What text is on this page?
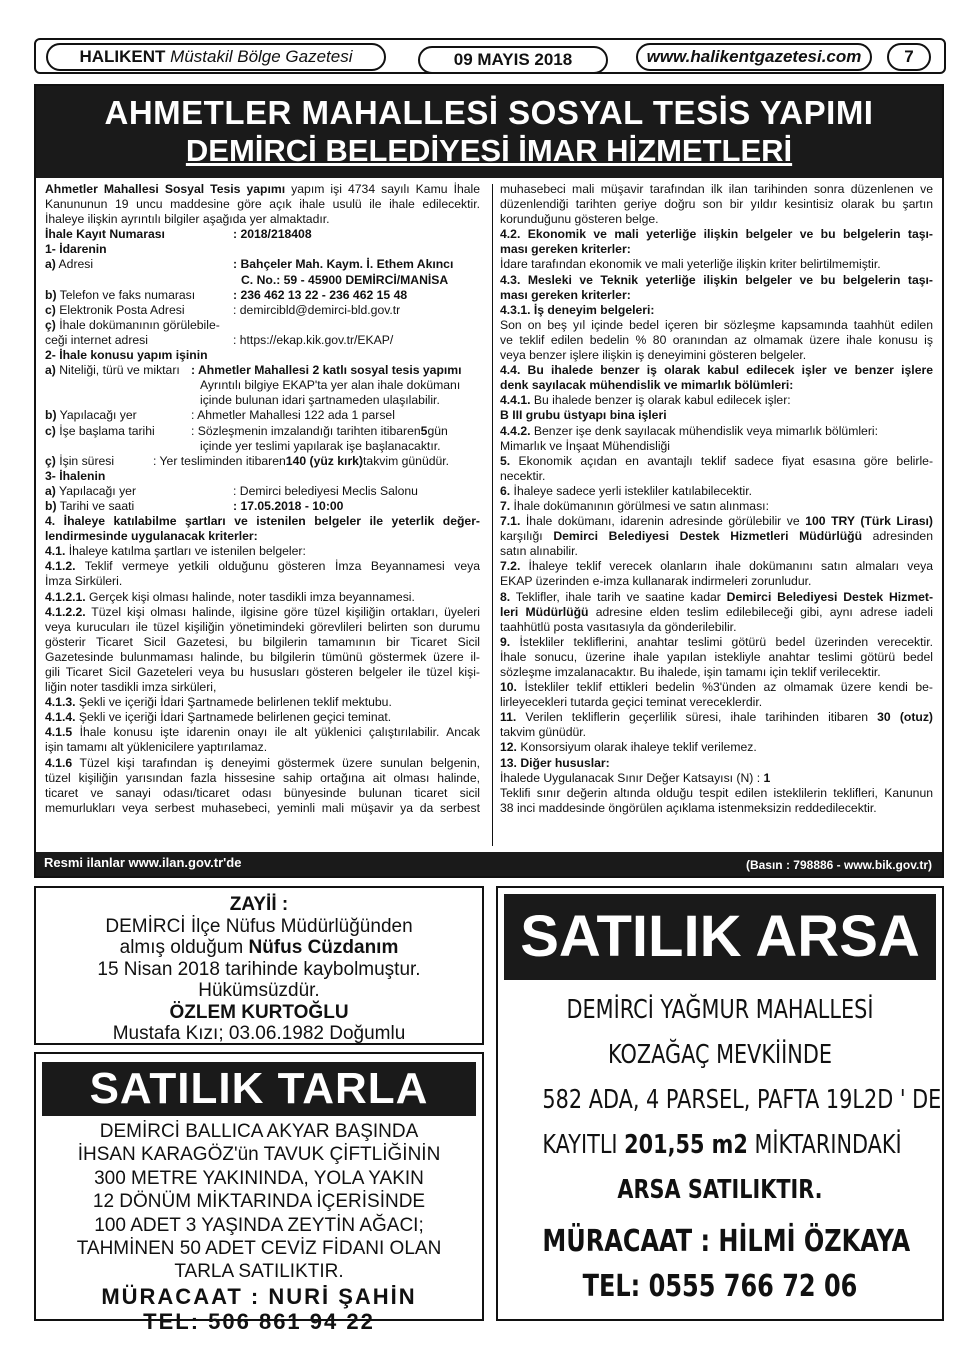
HALIKENT
Müstakil Bölge Gazetesi	09 MAYIS 2018	www.halikentgazetesi.com	7
AHMETLER MAHALLESİ SOSYAL TESİS YAPIMI
DEMİRCİ BELEDİYESİ İMAR HİZMETLERİ
Ahmetler Mahallesi Sosyal Tesis yapımı yapım işi 4734 sayılı Kamu İhale
Kanununun 19 uncu maddesine göre açık ihale usulü ile ihale edilecektir.
İhaleye ilişkin ayrıntılı bilgiler aşağıda yer almaktadır.
İhale Kayıt Numarası	: 2018/218408
1- İdarenin
a) Adresi	: Bahçeler Mah. Kaym. İ. Ethem Akıncı
C. No.: 59 - 45900 DEMİRCİ/MANİSA
b) Telefon ve faks numarası	: 236 462 13 22 - 236 462 15 48
c) Elektronik Posta Adresi	: demircibld@demirci-bld.gov.tr
ç) İhale dokümanının görülebile-
ceği internet adresi	: https://ekap.kik.gov.tr/EKAP/
2- İhale konusu yapım işinin
a) Niteliği, türü ve miktarı : Ahmetler Mahallesi 2 katlı sosyal tesis yapımı
Ayrıntılı bilgiye EKAP'ta yer alan ihale dokümanı
içinde bulunan idari şartnameden ulaşılabilir.
b) Yapılacağı yer	: Ahmetler Mahallesi 122 ada 1 parsel
c) İşe başlama tarihi	: Sözleşmenin imzalandığı tarihten itibaren 5 gün
içinde yer teslimi yapılarak işe başlanacaktır.
ç) İşin süresi	: Yer tesliminden itibaren 140 (yüz kırk) takvim günüdür.
3- İhalenin
a) Yapılacağı yer	: Demirci belediyesi Meclis Salonu
b) Tarihi ve saati	: 17.05.2018 - 10:00
4. İhaleye katılabilme şartları ve istenilen belgeler ile yeterlik değer-
lendirmesinde uygulanacak kriterler:
4.1. İhaleye katılma şartları ve istenilen belgeler:
4.1.2. Teklif vermeye yetkili olduğunu gösteren İmza Beyannamesi veya
İmza Sirküleri.
4.1.2.1. Gerçek kişi olması halinde, noter tasdikli imza beyannamesi.
4.1.2.2. Tüzel kişi olması halinde, ilgisine göre tüzel kişiliğin ortakları, üyeleri
veya kurucuları ile tüzel kişiliğin yönetimindeki görevlileri belirten son durumu
gösterir Ticaret Sicil Gazetesi, bu bilgilerin tamamının bir Ticaret Sicil
Gazetesinde bulunmaması halinde, bu bilgilerin tümünü göstermek üzere il-
gili Ticaret Sicil Gazeteleri veya bu hususları gösteren belgeler ile tüzel kişi-
liğin noter tasdikli imza sirküleri,
4.1.3. Şekli ve içeriği İdari Şartnamede belirlenen teklif mektubu.
4.1.4. Şekli ve içeriği İdari Şartnamede belirlenen geçici teminat.
4.1.5 İhale konusu işte idarenin onayı ile alt yüklenici çalıştırılabilir. Ancak
işin tamamı alt yüklenicilere yaptırılamaz.
4.1.6 Tüzel kişi tarafından iş deneyimi göstermek üzere sunulan belgenin,
tüzel kişiliğin yarısından fazla hissesine sahip ortağına ait olması halinde,
ticaret ve sanayi odası/ticaret odası bünyesinde bulunan ticaret sicil
memurlukları veya serbest muhasebeci, yeminli mali müşavir ya da serbest
muhasebeci mali müşavir tarafından ilk ilan tarihinden sonra düzenlenen ve
düzenlendiği tarihten geriye doğru son bir yıldır kesintisiz olarak bu şartın
korunduğunu gösteren belge.
4.2. Ekonomik ve mali yeterliğe ilişkin belgeler ve bu belgelerin taşı-
ması gereken kriterler:
İdare tarafından ekonomik ve mali yeterliğe ilişkin kriter belirtilmemiştir.
4.3. Mesleki ve Teknik yeterliğe ilişkin belgeler ve bu belgelerin taşı-
ması gereken kriterler:
4.3.1. İş deneyim belgeleri:
Son on beş yıl içinde bedel içeren bir sözleşme kapsamında taahhüt edilen
ve teklif edilen bedelin % 80 oranından az olmamak üzere ihale konusu iş
veya benzer işlere ilişkin iş deneyimini gösteren belgeler.
4.4. Bu ihalede benzer iş olarak kabul edilecek işler ve benzer işlere
denk sayılacak mühendislik ve mimarlık bölümleri:
4.4.1. Bu ihalede benzer iş olarak kabul edilecek işler:
B III grubu üstyapı bina işleri
4.4.2. Benzer işe denk sayılacak mühendislik veya mimarlık bölümleri:
Mimarlık ve İnşaat Mühendisliği
5. Ekonomik açıdan en avantajlı teklif sadece fiyat esasına göre belirle-
necektir.
6. İhaleye sadece yerli istekliler katılabilecektir.
7. İhale dokümanının görülmesi ve satın alınması:
7.1. İhale dokümanı, idarenin adresinde görülebilir ve 100 TRY (Türk Lirası)
karşılığı Demirci Belediyesi Destek Hizmetleri Müdürlüğü adresinden
satın alınabilir.
7.2. İhaleye teklif verecek olanların ihale dokümanını satın almaları veya
EKAP üzerinden e-imza kullanarak indirmeleri zorunludur.
8. Teklifler, ihale tarih ve saatine kadar Demirci Belediyesi Destek Hizmet-
leri Müdürlüğü adresine elden teslim edilebileceği gibi, aynı adrese iadeli
taahhütlü posta vasıtasıyla da gönderilebilir.
9. İstekliler tekliflerini, anahtar teslimi götürü bedel üzerinden verecektir.
İhale sonucu, üzerine ihale yapılan istekliyle anahtar teslimi götürü bedel
sözleşme imzalanacaktır. Bu ihalede, işin tamamı için teklif verilecektir.
10. İstekliler teklif ettikleri bedelin %3'ünden az olmamak üzere kendi be-
lirleyecekleri tutarda geçici teminat vereceklerdir.
11. Verilen tekliflerin geçerlilik süresi, ihale tarihinden itibaren 30 (otuz)
takvim günüdür.
12. Konsorsiyum olarak ihaleye teklif verilemez.
13. Diğer hususlar:
İhalede Uygulanacak Sınır Değer Katsayısı (N) : 1
Teklifi sınır değerin altında olduğu tespit edilen isteklilerin teklifleri, Kanunun
38 inci maddesinde öngörülen açıklama istenmeksizin reddedilecektir.
Resmi ilanlar www.ilan.gov.tr'de	(Basın : 798886 - www.bik.gov.tr)
ZAYİİ :
DEMİRCİ İlçe Nüfus Müdürlüğünden
almış olduğum Nüfus Cüzdanım
15 Nisan 2018 tarihinde kaybolmuştur.
Hükümsüzdür.
ÖZLEM KURTOĞLU
Mustafa Kızı; 03.06.1982 Doğumlu
SATILIK TARLA
DEMİRCİ BALLICA AKYAR BAŞINDA
İHSAN KARAGÖZ'ün TAVUK ÇİFTLİĞİNİN
300 METRE YAKININDA, YOLA YAKIN
12 DÖNÜM MİKTARINDA İÇERİSİNDE
100 ADET 3 YAŞINDA ZEYTİN AĞACI;
TAHMİNEN 50 ADET CEVİZ FİDANI OLAN
TARLA SATILIKTIR.
MÜRACAAT : NURİ ŞAHİN
TEL: 506 861 94 22
SATILIK ARSA
DEMİRCİ YAĞMUR MAHALLESİ
KOZAĞAÇ MEVKİİNDE
582 ADA, 4 PARSEL, PAFTA 19L2D ' DE
KAYITLI 201,55 m2 MİKTARINDAKİ
ARSA SATILIKTIR.
MÜRACAAT : HİLMİ ÖZKAYA
TEL: 0555 766 72 06
